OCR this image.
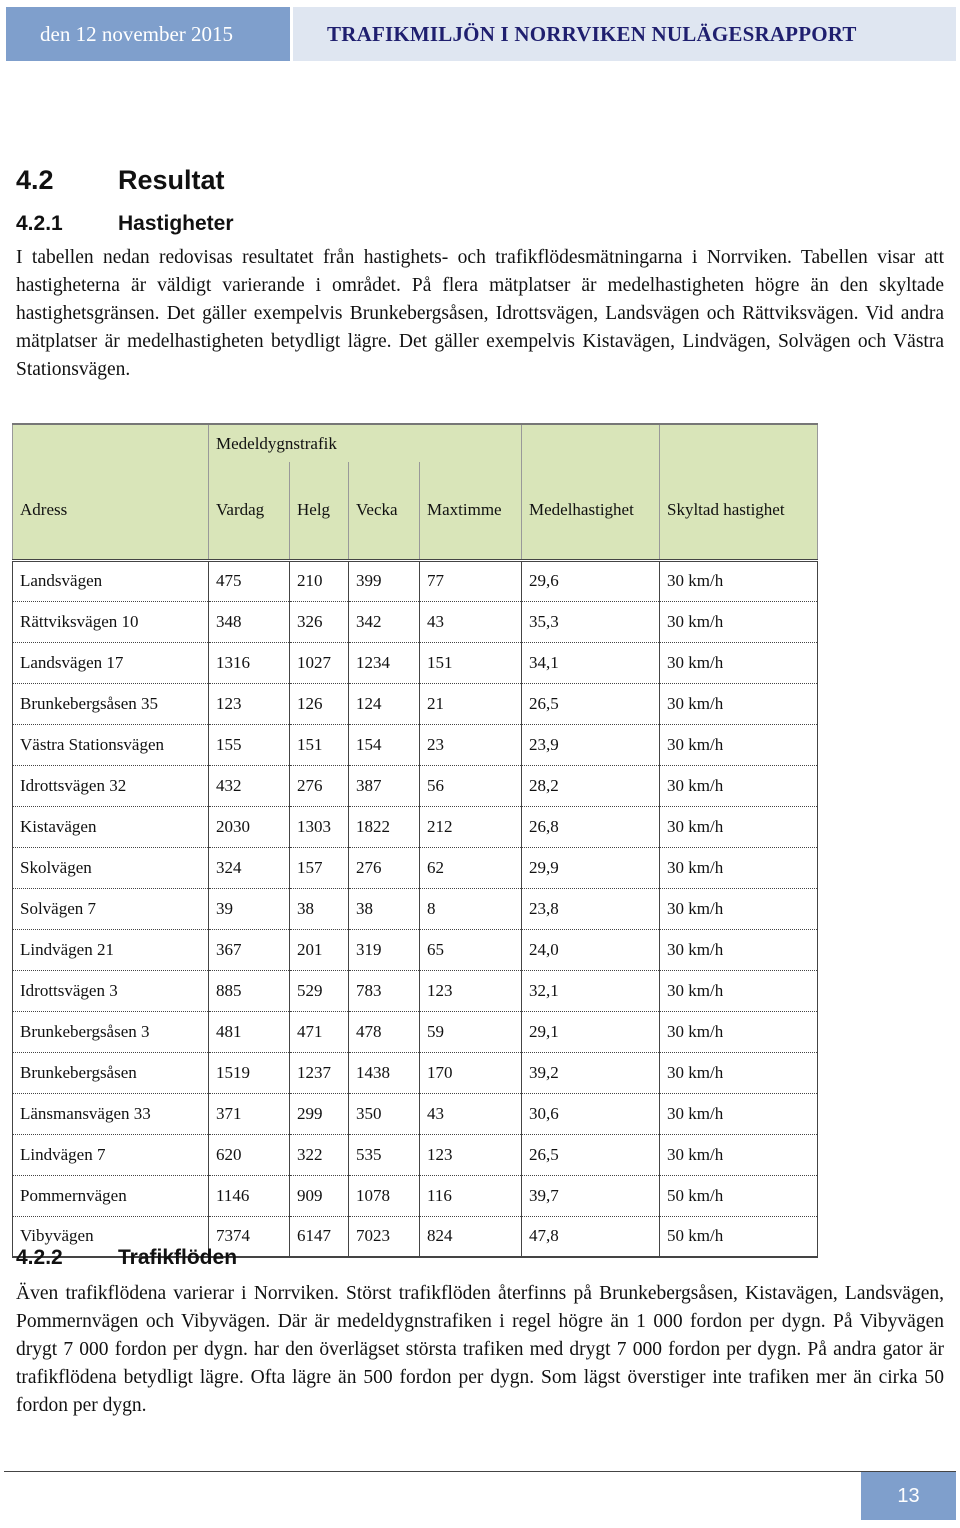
den 12 november 2015	TRAFIKMILJÖN I NORRVIKEN NULÄGESRAPPORT
4.2 Resultat
4.2.1	Hastigheter
I tabellen nedan redovisas resultatet från hastighets- och trafikflödesmätningarna i Norrviken. Tabellen visar att hastigheterna är väldigt varierande i området. På flera mätplatser är medelhastigheten högre än den skyltade hastighetsgränsen. Det gäller exempelvis Brunkebergsåsen, Idrottsvägen, Landsvägen och Rättviksvägen. Vid andra mätplatser är medelhastigheten betydligt lägre. Det gäller exempelvis Kistavägen, Lindvägen, Solvägen och Västra Stationsvägen.
	Medeldygnstrafik					
Adress	Vardag	Helg	Vecka	Maxtimme	Medelhastighet	Skyltad hastighet
Landsvägen	475	210	399	77	29,6	30 km/h
Rättviksvägen 10	348	326	342	43	35,3	30 km/h
Landsvägen 17	1316	1027	1234	151	34,1	30 km/h
Brunkebergsåsen 35	123	126	124	21	26,5	30 km/h
Västra Stationsvägen	155	151	154	23	23,9	30 km/h
Idrottsvägen 32	432	276	387	56	28,2	30 km/h
Kistavägen	2030	1303	1822	212	26,8	30 km/h
Skolvägen	324	157	276	62	29,9	30 km/h
Solvägen 7	39	38	38	8	23,8	30 km/h
Lindvägen 21	367	201	319	65	24,0	30 km/h
Idrottsvägen 3	885	529	783	123	32,1	30 km/h
Brunkebergsåsen 3	481	471	478	59	29,1	30 km/h
Brunkebergsåsen	1519	1237	1438	170	39,2	30 km/h
Länsmansvägen 33	371	299	350	43	30,6	30 km/h
Lindvägen 7	620	322	535	123	26,5	30 km/h
Pommernvägen	1146	909	1078	116	39,7	50 km/h
Vibyvägen	7374	6147	7023	824	47,8	50 km/h
4.2.2	Trafikflöden
Även trafikflödena varierar i Norrviken. Störst trafikflöden återfinns på Brunkebergsåsen, Kistavägen, Landsvägen, Pommernvägen och Vibyvägen. Där är medeldygnstrafiken i regel högre än 1 000 fordon per dygn. På Vibyvägen drygt 7 000 fordon per dygn. har den överlägset största trafiken med drygt 7 000 fordon per dygn. På andra gator är trafikflödena betydligt lägre. Ofta lägre än 500 fordon per dygn. Som lägst överstiger inte trafiken mer än cirka 50 fordon per dygn.
13
